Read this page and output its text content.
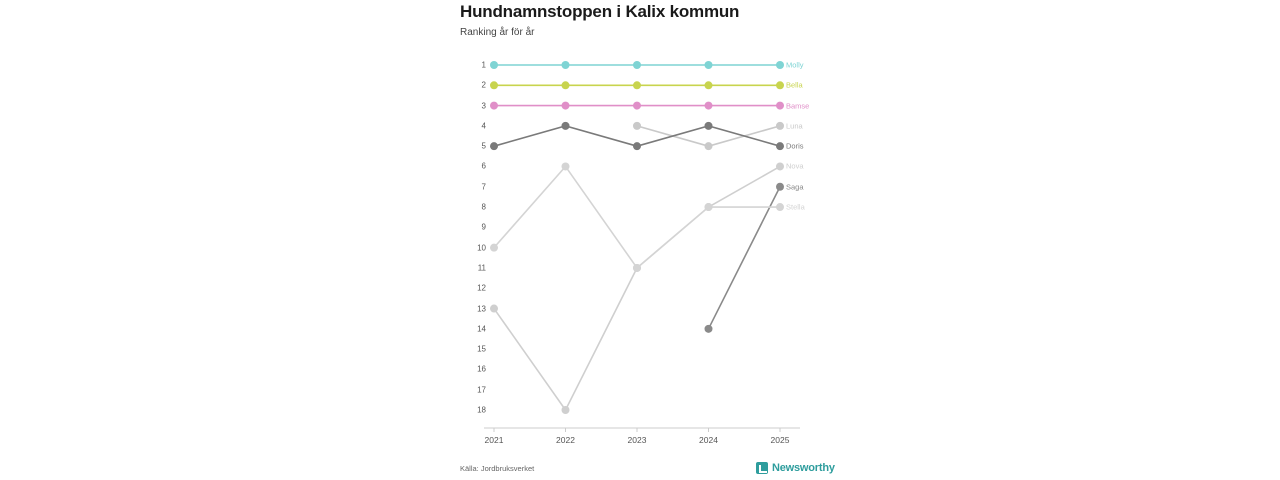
Hundnamnstoppen i Kalix kommun
Ranking år för år
1
2
3
4
5
6
7
8
9
10
11
12
13
14
15
16
17
18
Molly
Bella
Bamse
Luna
Doris
Nova
Saga
Stella
2021	2022	2023	2024	2025
Källa: Jordbruksverket	Newsworthy
